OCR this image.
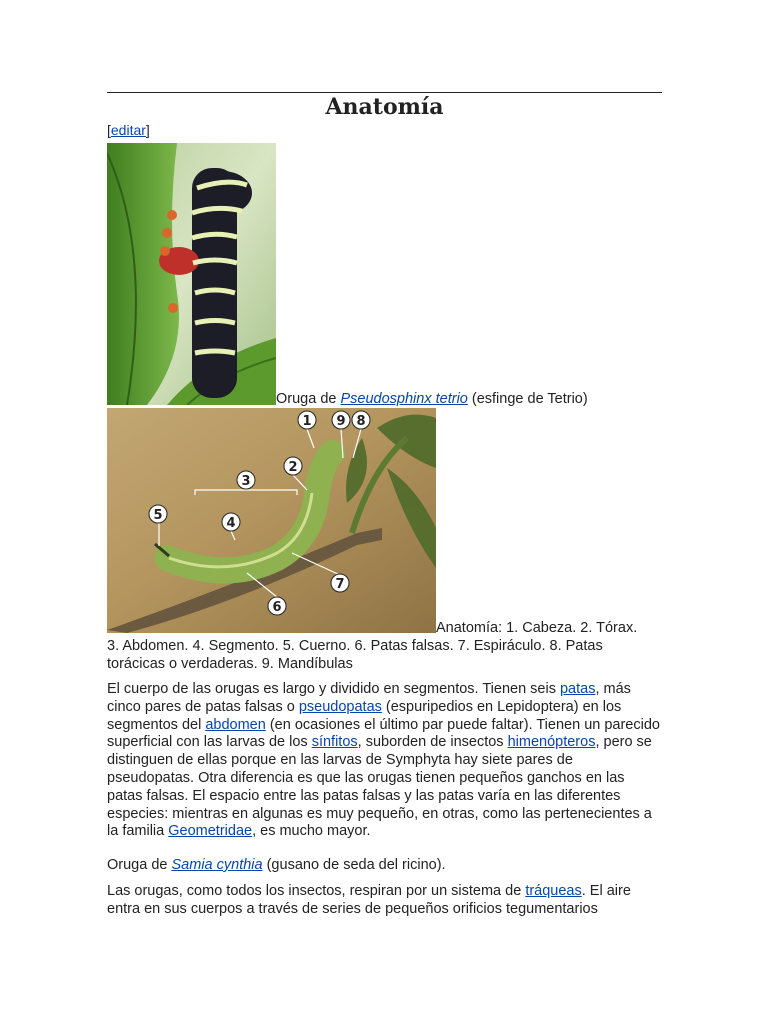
Anatomía
[editar]
Oruga de Pseudosphinx tetrio (esfinge de Tetrio)
1 9 8
2
3
5
4
7
6
Anatomía: 1. Cabeza. 2. Tórax.
3. Abdomen. 4. Segmento. 5. Cuerno. 6. Patas falsas. 7. Espiráculo. 8. Patas torácicas o verdaderas. 9. Mandíbulas

El cuerpo de las orugas es largo y dividido en segmentos. Tienen seis patas, más cinco pares de patas falsas o pseudopatas (espuripedios en Lepidoptera) en los segmentos del abdomen (en ocasiones el último par puede faltar). Tienen un parecido superficial con las larvas de los sínfitos, suborden de insectos himenópteros, pero se distinguen de ellas porque en las larvas de Symphyta hay siete pares de pseudopatas. Otra diferencia es que las orugas tienen pequeños ganchos en las patas falsas. El espacio entre las patas falsas y las patas varía en las diferentes especies: mientras en algunas es muy pequeño, en otras, como las pertenecientes a la familia Geometridae, es mucho mayor.

Oruga de Samia cynthia (gusano de seda del ricino).

Las orugas, como todos los insectos, respiran por un sistema de tráqueas. El aire entra en sus cuerpos a través de series de pequeños orificios tegumentarios
